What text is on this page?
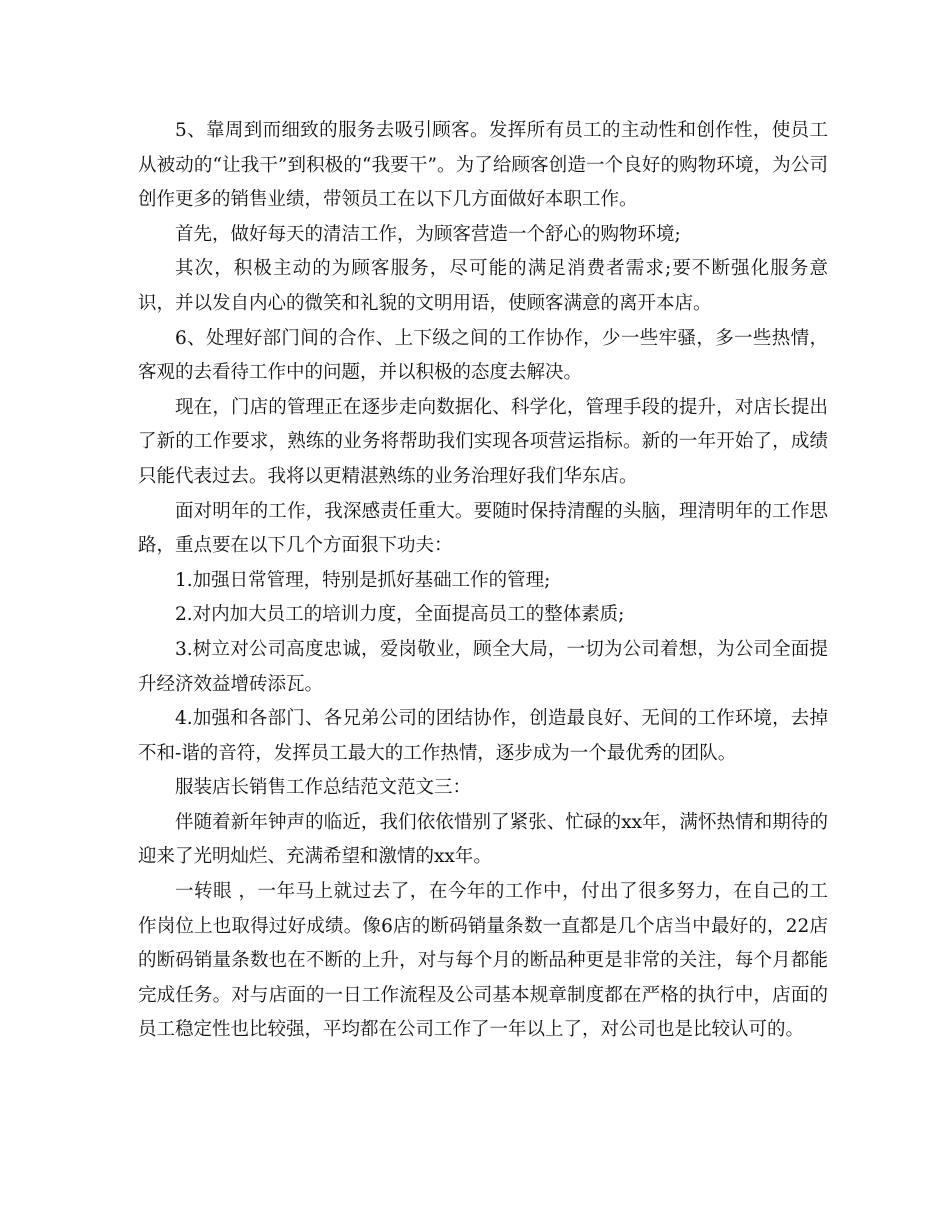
5、靠周到而细致的服务去吸引顾客。发挥所有员工的主动性和创作性，使员工从被动的“让我干”到积极的“我要干”。为了给顾客创造一个良好的购物环境，为公司创作更多的销售业绩，带领员工在以下几方面做好本职工作。

首先，做好每天的清洁工作，为顾客营造一个舒心的购物环境;

其次，积极主动的为顾客服务，尽可能的满足消费者需求;要不断强化服务意识，并以发自内心的微笑和礼貌的文明用语，使顾客满意的离开本店。

6、处理好部门间的合作、上下级之间的工作协作，少一些牢骚，多一些热情，客观的去看待工作中的问题，并以积极的态度去解决。

现在，门店的管理正在逐步走向数据化、科学化，管理手段的提升，对店长提出了新的工作要求，熟练的业务将帮助我们实现各项营运指标。新的一年开始了，成绩只能代表过去。我将以更精湛熟练的业务治理好我们华东店。

面对明年的工作，我深感责任重大。要随时保持清醒的头脑，理清明年的工作思路，重点要在以下几个方面狠下功夫：

1.加强日常管理，特别是抓好基础工作的管理;

2.对内加大员工的培训力度，全面提高员工的整体素质;

3.树立对公司高度忠诚，爱岗敬业，顾全大局，一切为公司着想，为公司全面提升经济效益增砖添瓦。

4.加强和各部门、各兄弟公司的团结协作，创造最良好、无间的工作环境，去掉不和-谐的音符，发挥员工最大的工作热情，逐步成为一个最优秀的团队。

服装店长销售工作总结范文范文三：

伴随着新年钟声的临近，我们依依惜别了紧张、忙碌的xx年，满怀热情和期待的迎来了光明灿烂、充满希望和激情的xx年。

一转眼 ，一年马上就过去了，在今年的工作中，付出了很多努力，在自己的工作岗位上也取得过好成绩。像6店的断码销量条数一直都是几个店当中最好的，22店的断码销量条数也在不断的上升，对与每个月的断品种更是非常的关注，每个月都能完成任务。对与店面的一日工作流程及公司基本规章制度都在严格的执行中，店面的员工稳定性也比较强，平均都在公司工作了一年以上了，对公司也是比较认可的。
